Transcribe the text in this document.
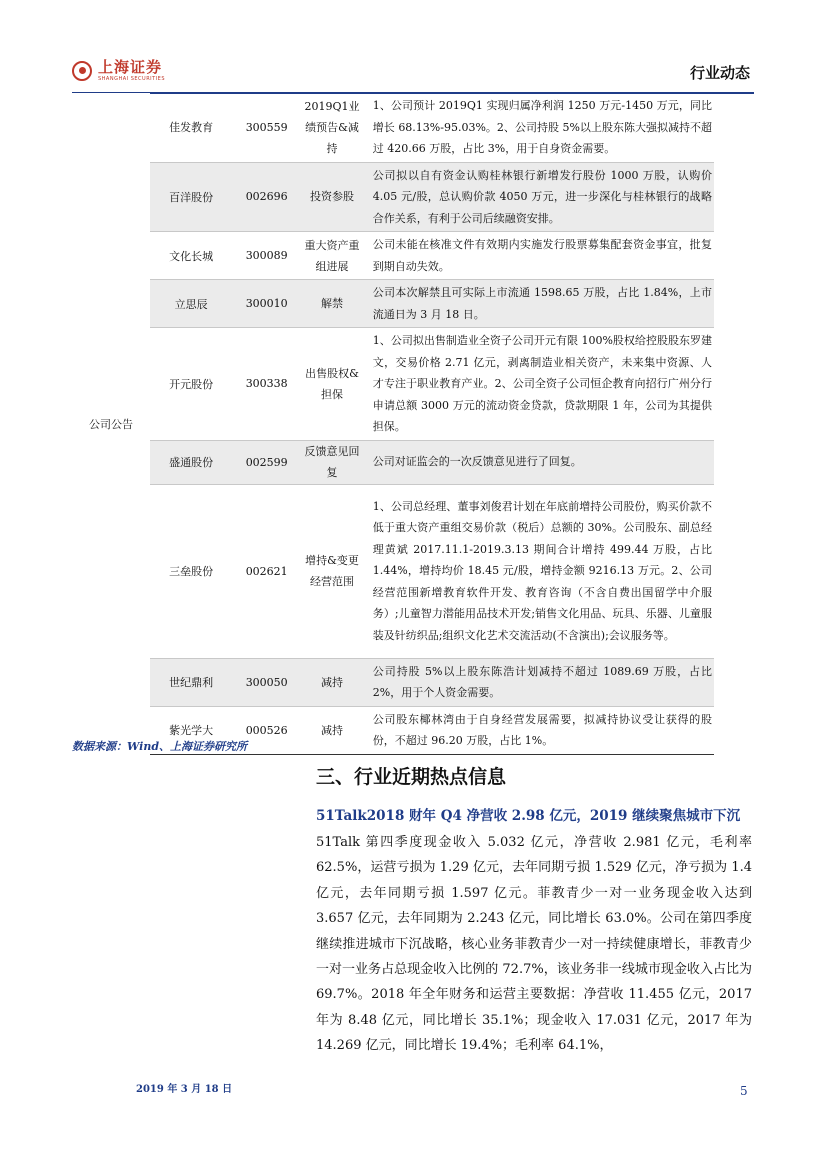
上海证券
SHANGHAI SECURITIES	行业动态
公司公告	佳发教育	300559	2019Q1业绩预告&减持	1、公司预计 2019Q1 实现归属净利润 1250 万元-1450 万元，同比增长 68.13%-95.03%。2、公司持股 5%以上股东陈大强拟减持不超过 420.66 万股，占比 3%，用于自身资金需要。
	百洋股份	002696	投资参股	公司拟以自有资金认购桂林银行新增发行股份 1000 万股，认购价 4.05 元/股，总认购价款 4050 万元，进一步深化与桂林银行的战略合作关系，有利于公司后续融资安排。
	文化长城	300089	重大资产重组进展	公司未能在核准文件有效期内实施发行股票募集配套资金事宜，批复到期自动失效。
	立思辰	300010	解禁	公司本次解禁且可实际上市流通 1598.65 万股，占比 1.84%，上市流通日为 3 月 18 日。
	开元股份	300338	出售股权&担保	1、公司拟出售制造业全资子公司开元有限 100%股权给控股股东罗建文，交易价格 2.71 亿元，剥离制造业相关资产，未来集中资源、人才专注于职业教育产业。2、公司全资子公司恒企教育向招行广州分行申请总额 3000 万元的流动资金贷款，贷款期限 1 年，公司为其提供担保。
	盛通股份	002599	反馈意见回复	公司对证监会的一次反馈意见进行了回复。
	三垒股份	002621	增持&变更经营范围	1、公司总经理、董事刘俊君计划在年底前增持公司股份，购买价款不低于重大资产重组交易价款（税后）总额的 30%。公司股东、副总经理黄斌 2017.11.1-2019.3.13 期间合计增持 499.44 万股，占比 1.44%，增持均价 18.45 元/股，增持金额 9216.13 万元。2、公司经营范围新增教育软件开发、教育咨询（不含自费出国留学中介服务）;儿童智力潜能用品技术开发;销售文化用品、玩具、乐器、儿童服装及针纺织品;组织文化艺术交流活动(不含演出);会议服务等。
	世纪鼎利	300050	减持	公司持股 5%以上股东陈浩计划减持不超过 1089.69 万股，占比 2%，用于个人资金需要。
	紫光学大	000526	减持	公司股东椰林湾由于自身经营发展需要，拟减持协议受让获得的股份，不超过 96.20 万股，占比 1%。
数据来源：Wind、上海证券研究所
三、行业近期热点信息
51Talk2018 财年 Q4 净营收 2.98 亿元，2019 继续聚焦城市下沉

51Talk 第四季度现金收入 5.032 亿元，净营收 2.981 亿元，毛利率 62.5%，运营亏损为 1.29 亿元，去年同期亏损 1.529 亿元，净亏损为 1.4 亿元，去年同期亏损 1.597 亿元。菲教青少一对一业务现金收入达到 3.657 亿元，去年同期为 2.243 亿元，同比增长 63.0%。公司在第四季度继续推进城市下沉战略，核心业务菲教青少一对一持续健康增长，菲教青少一对一业务占总现金收入比例的 72.7%，该业务非一线城市现金收入占比为 69.7%。2018 年全年财务和运营主要数据：净营收 11.455 亿元，2017 年为 8.48 亿元，同比增长 35.1%；现金收入 17.031 亿元，2017 年为 14.269 亿元，同比增长 19.4%；毛利率 64.1%，

2019 年 3 月 18 日	5
